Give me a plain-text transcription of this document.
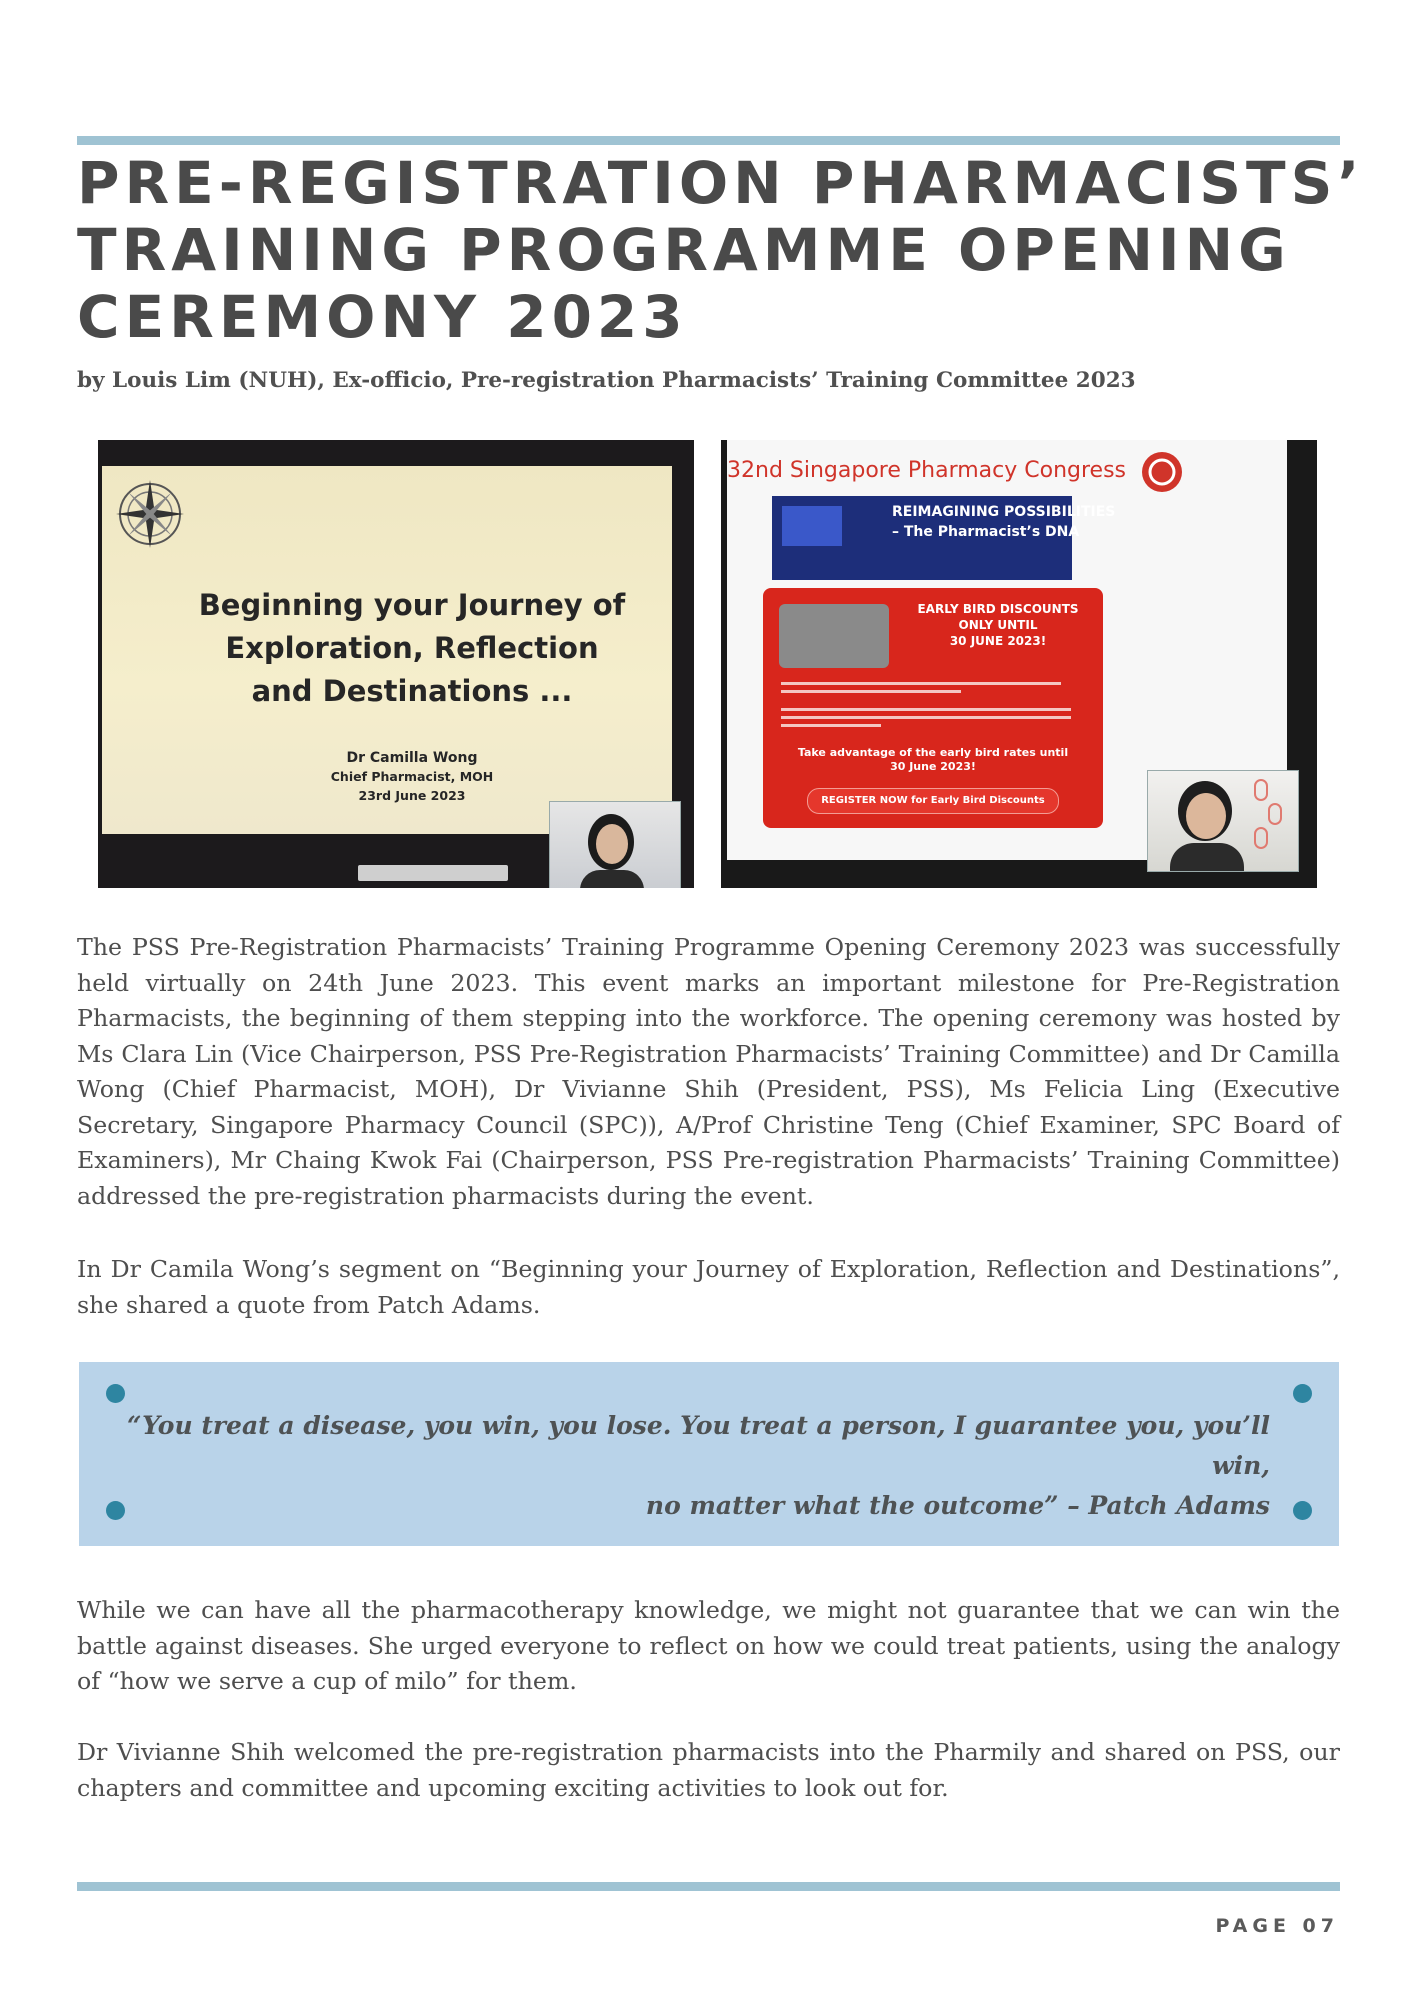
PRE-REGISTRATION PHARMACISTS’
TRAINING PROGRAMME OPENING
CEREMONY 2023
by Louis Lim (NUH), Ex-officio, Pre-registration Pharmacists’ Training Committee 2023
Beginning your Journey of Exploration, Reflection and Destinations ...
Dr Camilla Wong
Chief Pharmacist, MOH
23rd June 2023
32nd Singapore Pharmacy Congress
REIMAGINING POSSIBILITIES
– The Pharmacist’s DNA
EARLY BIRD DISCOUNTS
ONLY UNTIL
30 JUNE 2023!
Take advantage of the early bird rates until
30 June 2023!
REGISTER NOW for Early Bird Discounts

The PSS Pre-Registration Pharmacists’ Training Programme Opening Ceremony 2023 was successfully held virtually on 24th June 2023. This event marks an important milestone for Pre-Registration Pharmacists, the beginning of them stepping into the workforce. The opening ceremony was hosted by Ms Clara Lin (Vice Chairperson, PSS Pre-Registration Pharmacists’ Training Committee) and Dr Camilla Wong (Chief Pharmacist, MOH), Dr Vivianne Shih (President, PSS), Ms Felicia Ling (Executive Secretary, Singapore Pharmacy Council (SPC)), A/Prof Christine Teng (Chief Examiner, SPC Board of Examiners), Mr Chaing Kwok Fai (Chairperson, PSS Pre-registration Pharmacists’ Training Committee) addressed the pre-registration pharmacists during the event.

In Dr Camila Wong’s segment on “Beginning your Journey of Exploration, Reflection and Destinations”, she shared a quote from Patch Adams.

“You treat a disease, you win, you lose. You treat a person, I guarantee you, you’ll win,
no matter what the outcome” – Patch Adams

While we can have all the pharmacotherapy knowledge, we might not guarantee that we can win the battle against diseases. She urged everyone to reflect on how we could treat patients, using the analogy of “how we serve a cup of milo” for them.

Dr Vivianne Shih welcomed the pre-registration pharmacists into the Pharmily and shared on PSS, our chapters and committee and upcoming exciting activities to look out for.

PAGE 07
